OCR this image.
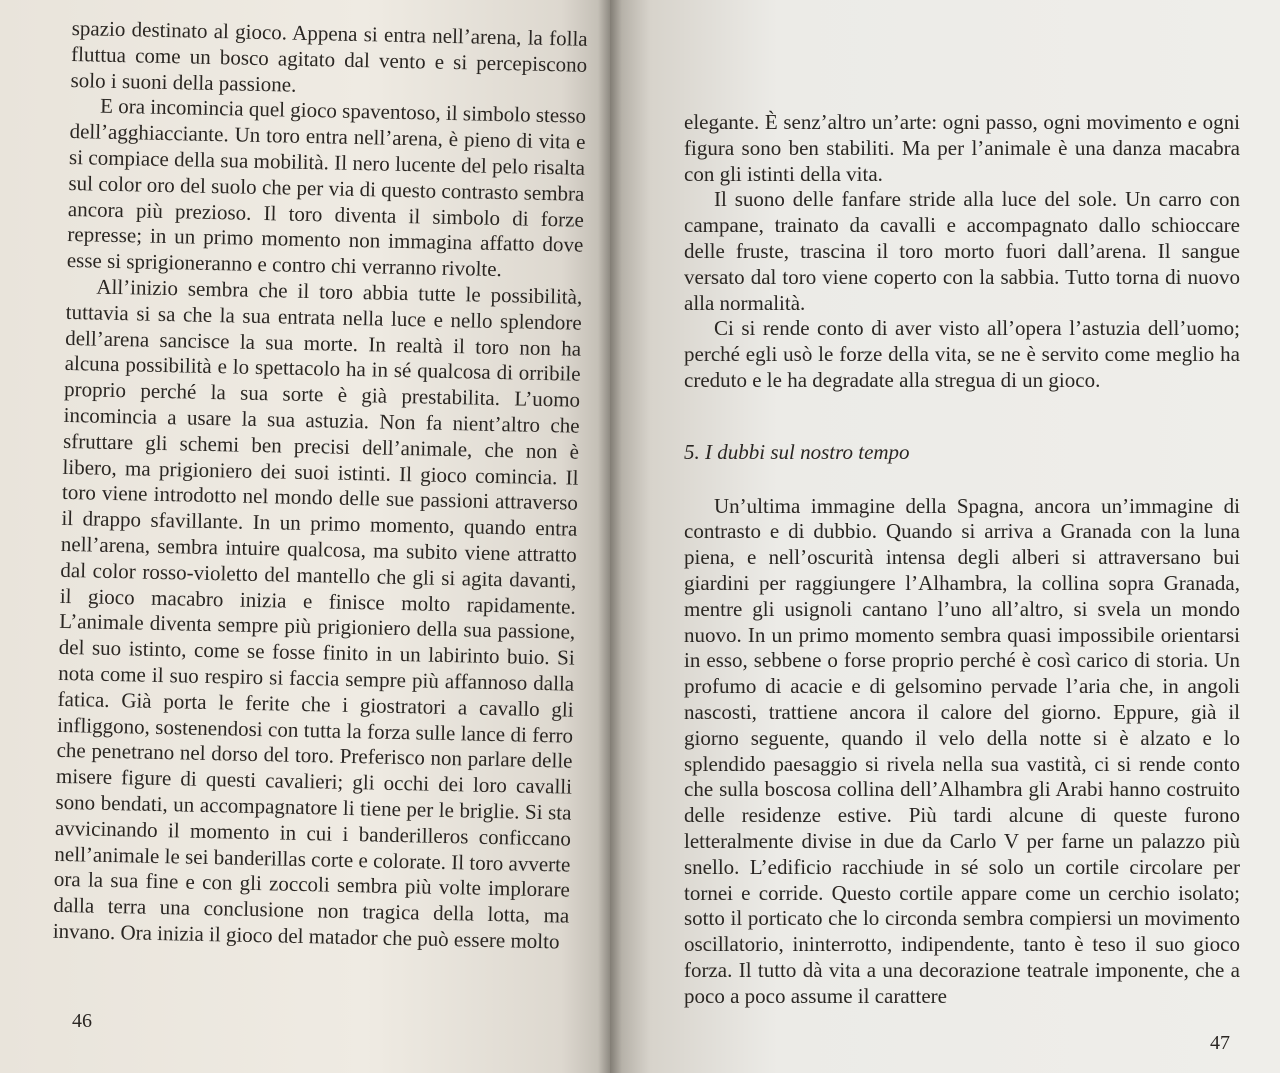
spazio destinato al gioco. Appena si entra nell’arena, la folla fluttua come un bosco agitato dal vento e si percepiscono solo i suoni della passione.

E ora incomincia quel gioco spaventoso, il simbolo stesso dell’agghiacciante. Un toro entra nell’arena, è pieno di vita e si compiace della sua mobilità. Il nero lucente del pelo risalta sul color oro del suolo che per via di questo contrasto sembra ancora più prezioso. Il toro diventa il simbolo di forze represse; in un primo momento non immagina affatto dove esse si sprigioneranno e contro chi verranno rivolte.

All’inizio sembra che il toro abbia tutte le possibilità, tuttavia si sa che la sua entrata nella luce e nello splendore dell’arena sancisce la sua morte. In realtà il toro non ha alcuna possibilità e lo spettacolo ha in sé qualcosa di orribile proprio perché la sua sorte è già prestabilita. L’uomo incomincia a usare la sua astuzia. Non fa nient’altro che sfruttare gli schemi ben precisi dell’animale, che non è libero, ma prigioniero dei suoi istinti. Il gioco comincia. Il toro viene introdotto nel mondo delle sue passioni attraverso il drappo sfavillante. In un primo momento, quando entra nell’arena, sembra intuire qualcosa, ma subito viene attratto dal color rosso-violetto del mantello che gli si agita davanti, il gioco macabro inizia e finisce molto rapidamente. L’animale diventa sempre più prigioniero della sua passione, del suo istinto, come se fosse finito in un labirinto buio. Si nota come il suo respiro si faccia sempre più affannoso dalla fatica. Già porta le ferite che i giostratori a cavallo gli infliggono, sostenendosi con tutta la forza sulle lance di ferro che penetrano nel dorso del toro. Preferisco non parlare delle misere figure di questi cavalieri; gli occhi dei loro cavalli sono bendati, un accompagnatore li tiene per le briglie. Si sta avvicinando il momento in cui i banderilleros conficcano nell’animale le sei banderillas corte e colorate. Il toro avverte ora la sua fine e con gli zoccoli sembra più volte implorare dalla terra una conclusione non tragica della lotta, ma invano. Ora inizia il gioco del matador che può essere molto

46

elegante. È senz’altro un’arte: ogni passo, ogni movimento e ogni figura sono ben stabiliti. Ma per l’animale è una danza macabra con gli istinti della vita.

Il suono delle fanfare stride alla luce del sole. Un carro con campane, trainato da cavalli e accompagnato dallo schioccare delle fruste, trascina il toro morto fuori dall’arena. Il sangue versato dal toro viene coperto con la sabbia. Tutto torna di nuovo alla normalità.

Ci si rende conto di aver visto all’opera l’astuzia dell’uomo; perché egli usò le forze della vita, se ne è servito come meglio ha creduto e le ha degradate alla stregua di un gioco.

5. I dubbi sul nostro tempo

Un’ultima immagine della Spagna, ancora un’immagine di contrasto e di dubbio. Quando si arriva a Granada con la luna piena, e nell’oscurità intensa degli alberi si attraversano bui giardini per raggiungere l’Alhambra, la collina sopra Granada, mentre gli usignoli cantano l’uno all’altro, si svela un mondo nuovo. In un primo momento sembra quasi impossibile orientarsi in esso, sebbene o forse proprio perché è così carico di storia. Un profumo di acacie e di gelsomino pervade l’aria che, in angoli nascosti, trattiene ancora il calore del giorno. Eppure, già il giorno seguente, quando il velo della notte si è alzato e lo splendido paesaggio si rivela nella sua vastità, ci si rende conto che sulla boscosa collina dell’Alhambra gli Arabi hanno costruito delle residenze estive. Più tardi alcune di queste furono letteralmente divise in due da Carlo V per farne un palazzo più snello. L’edificio racchiude in sé solo un cortile circolare per tornei e corride. Questo cortile appare come un cerchio isolato; sotto il porticato che lo circonda sembra compiersi un movimento oscillatorio, ininterrotto, indipendente, tanto è teso il suo gioco forza. Il tutto dà vita a una decorazione teatrale imponente, che a poco a poco assume il carattere

47
